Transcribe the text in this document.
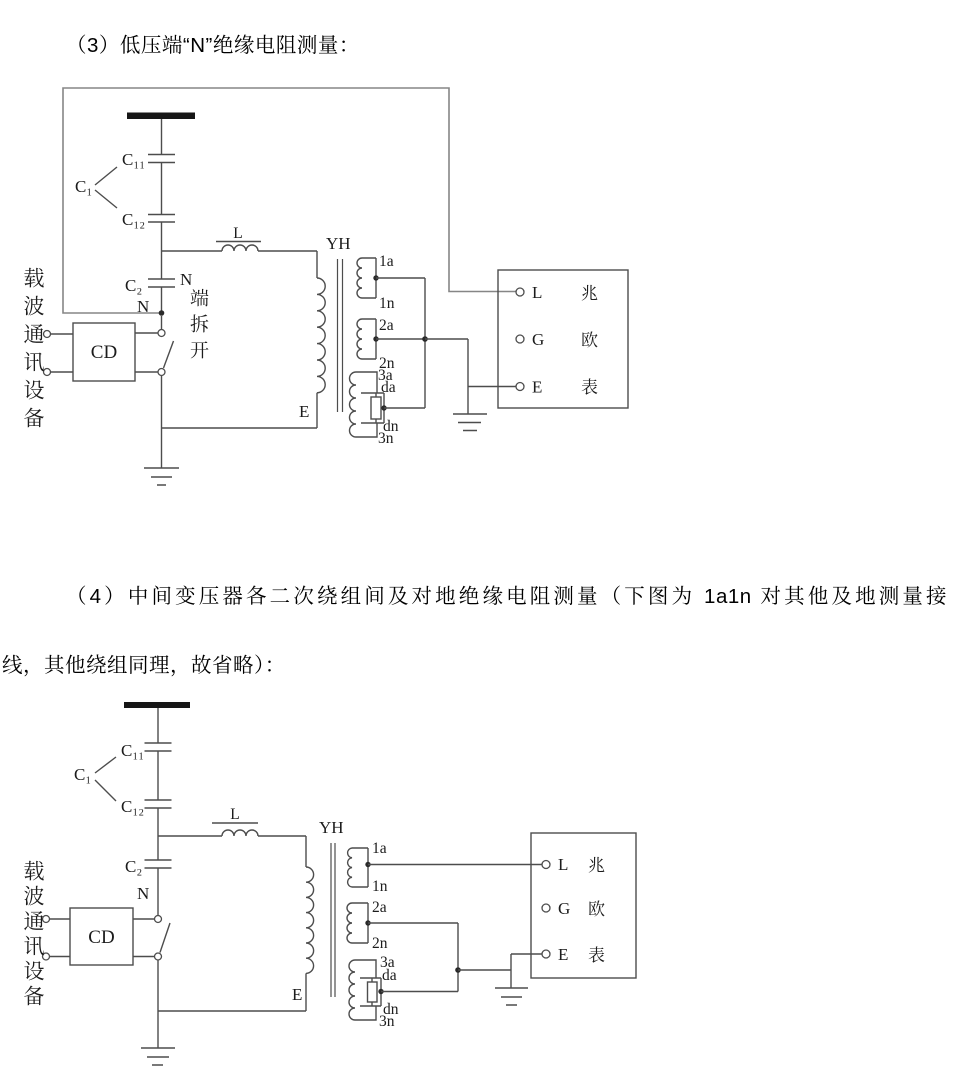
（3）低压端“N”绝缘电阻测量：
C₁₁
C₁₂
C₁
C₂ N
N
CD
L
E
YH
1a
1n
2a
2n
3a
da
dn
3n
L
G
E
兆
欧
表
载波通讯设备	端拆开
（4）中间变压器各二次绕组间及对地绝缘电阻测量（下图为 1a1n 对其他及地测量接
线，其他绕组同理，故省略）：
C₁₁
C₁₂
C₁
C₂
N
CD
L
E
YH
1a
1n
2a
2n
3a
da
dn
3n
L
G
E
兆
欧
表
载波通讯设备
